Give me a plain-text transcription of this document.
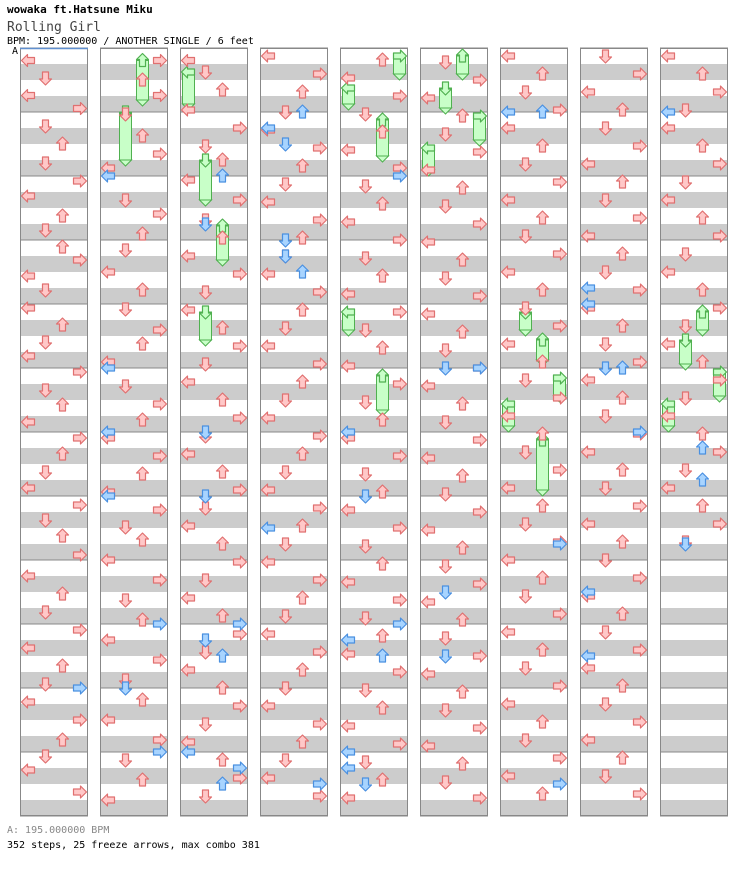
wowaka ft.Hatsune Miku
Rolling Girl
BPM: 195.000000 / ANOTHER SINGLE / 6 feet
A
A: 195.000000 BPM
352 steps, 25 freeze arrows, max combo 381
